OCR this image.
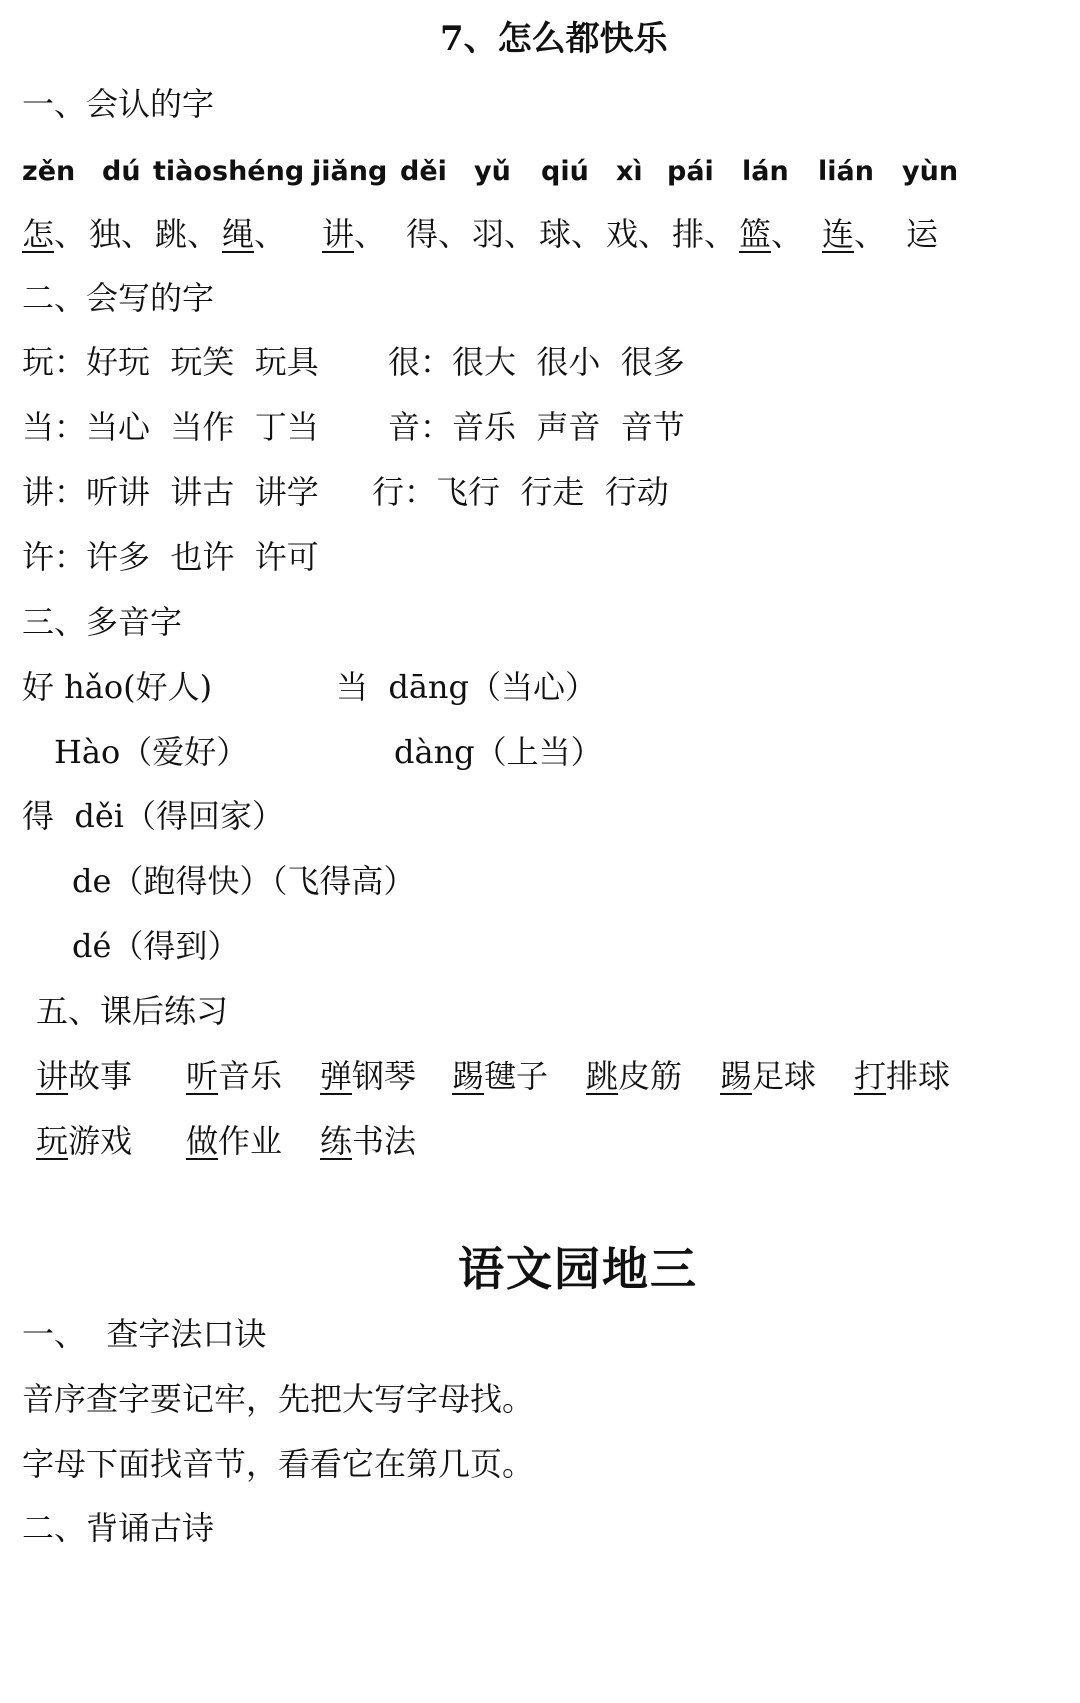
7、怎么都快乐
一、会认的字
zěn dú tiào shéng jiǎng děi yǔ qiú xì pái lán lián yùn
怎、 独、 跳、 绳、 讲、 得、 羽、 球、 戏、 排、 篮、 连、 运
二、会写的字
玩：好玩  玩笑  玩具 很：很大  很小  很多
当：当心  当作  丁当 音：音乐  声音  音节
讲：听讲  讲古  讲学 行：飞行  行走  行动
许：许多  也许  许可
三、多音字
好 hǎo(好人)	当  dāng（当心）
Hào（爱好）	dàng（上当）
得  děi（得回家）
de（跑得快）（飞得高）
dé（得到）
五、课后练习
讲故事 听音乐 弹钢琴 踢毽子 跳皮筋 踢足球 打排球
玩游戏 做作业 练书法
语文园地三
一、  查字法口诀
音序查字要记牢，先把大写字母找。
字母下面找音节，看看它在第几页。
二、背诵古诗
